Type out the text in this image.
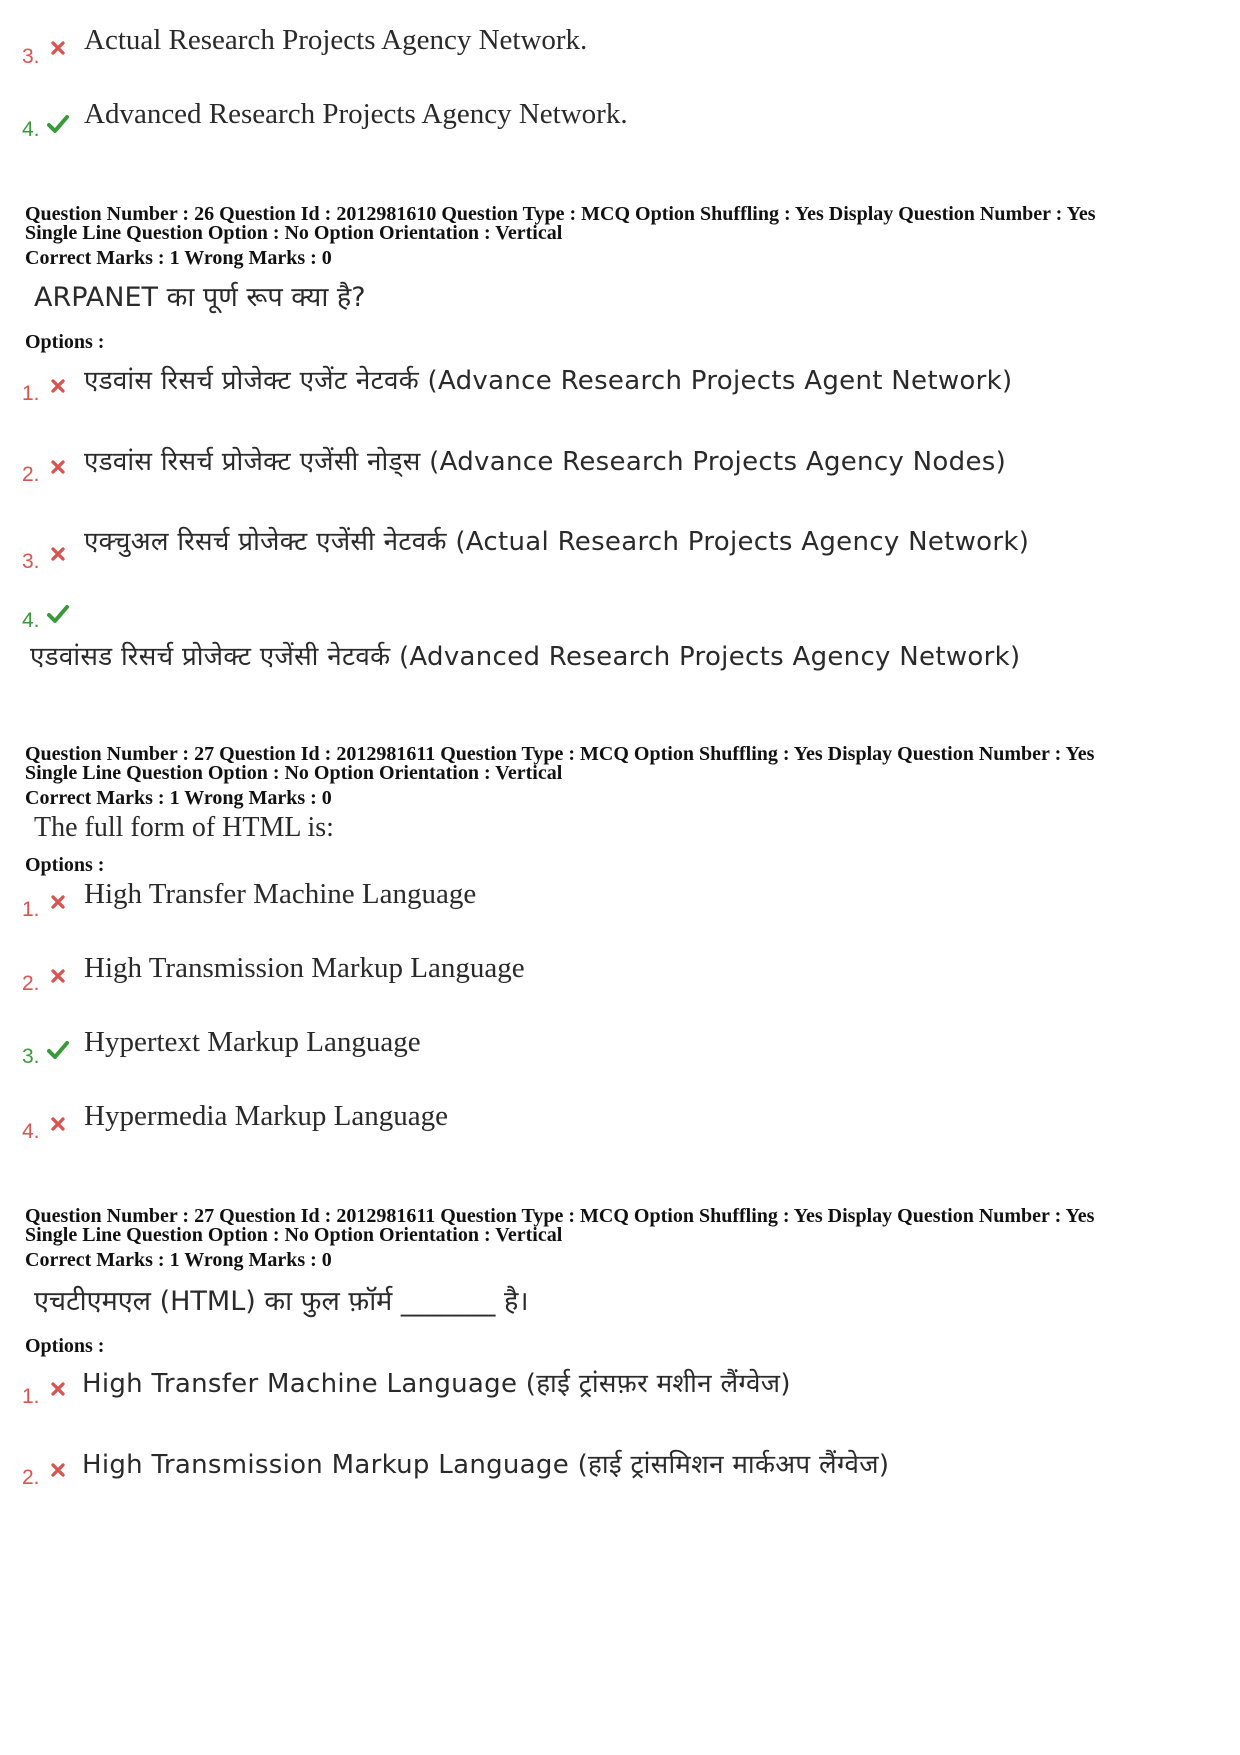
3.
Actual Research Projects Agency Network.
4. Advanced Research Projects Agency Network.
Question Number : 26 Question Id : 2012981610 Question Type : MCQ Option Shuffling : Yes Display Question Number : Yes
Single Line Question Option : No Option Orientation : Vertical
Correct Marks : 1 Wrong Marks : 0
ARPANET का पूर्ण रूप क्या है?
Options :
1. एडवांस रिसर्च प्रोजेक्ट एजेंट नेटवर्क (Advance Research Projects Agent Network)
2. एडवांस रिसर्च प्रोजेक्ट एजेंसी नोड्स (Advance Research Projects Agency Nodes)
3.
एक्चुअल रिसर्च प्रोजेक्ट एजेंसी नेटवर्क (Actual Research Projects Agency Network)
4.
एडवांसड रिसर्च प्रोजेक्ट एजेंसी नेटवर्क (Advanced Research Projects Agency Network)
Question Number : 27 Question Id : 2012981611 Question Type : MCQ Option Shuffling : Yes Display Question Number : Yes
Single Line Question Option : No Option Orientation : Vertical
Correct Marks : 1 Wrong Marks : 0
The full form of HTML is:
Options :
1. High Transfer Machine Language
2. High Transmission Markup Language
3. Hypertext Markup Language
4. Hypermedia Markup Language
Question Number : 27 Question Id : 2012981611 Question Type : MCQ Option Shuffling : Yes Display Question Number : Yes
Single Line Question Option : No Option Orientation : Vertical
Correct Marks : 1 Wrong Marks : 0
एचटीएमएल (HTML) का फुल फ़ॉर्म _______ है।
Options :
1. High Transfer Machine Language (हाई ट्रांसफ़र मशीन लैंग्वेज)
2. High Transmission Markup Language (हाई ट्रांसमिशन मार्कअप लैंग्वेज)
